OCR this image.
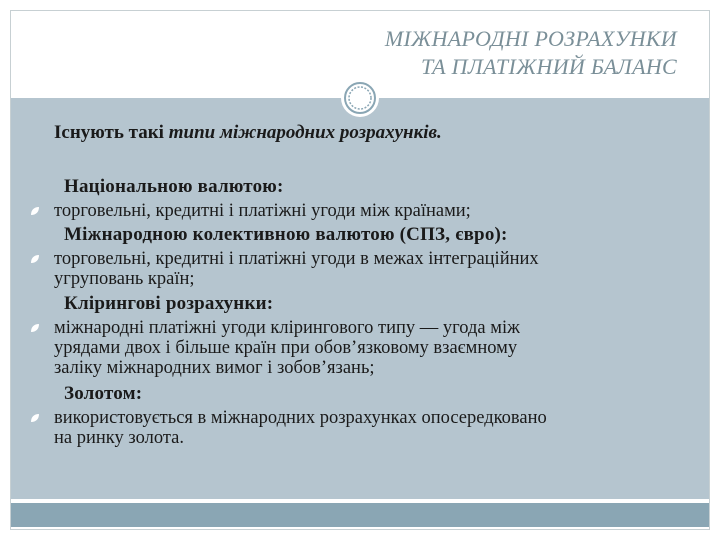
МІЖНАРОДНІ РОЗРАХУНКИ
ТА ПЛАТІЖНИЙ БАЛАНС
Існують такі типи міжнародних розрахунків.
Національною валютою:
торговельні, кредитні і платіжні угоди між країнами;
Міжнародною колективною валютою (СПЗ, євро):
торговельні, кредитні і платіжні угоди в межах інтеграційних
угруповань країн;
Клірингові розрахунки:
міжнародні платіжні угоди клірингового типу — угода між
урядами двох і більше країн при обов’язковому взаємному
заліку міжнародних вимог і зобов’язань;
Золотом:
використовується в міжнародних розрахунках опосередковано
на ринку золота.
